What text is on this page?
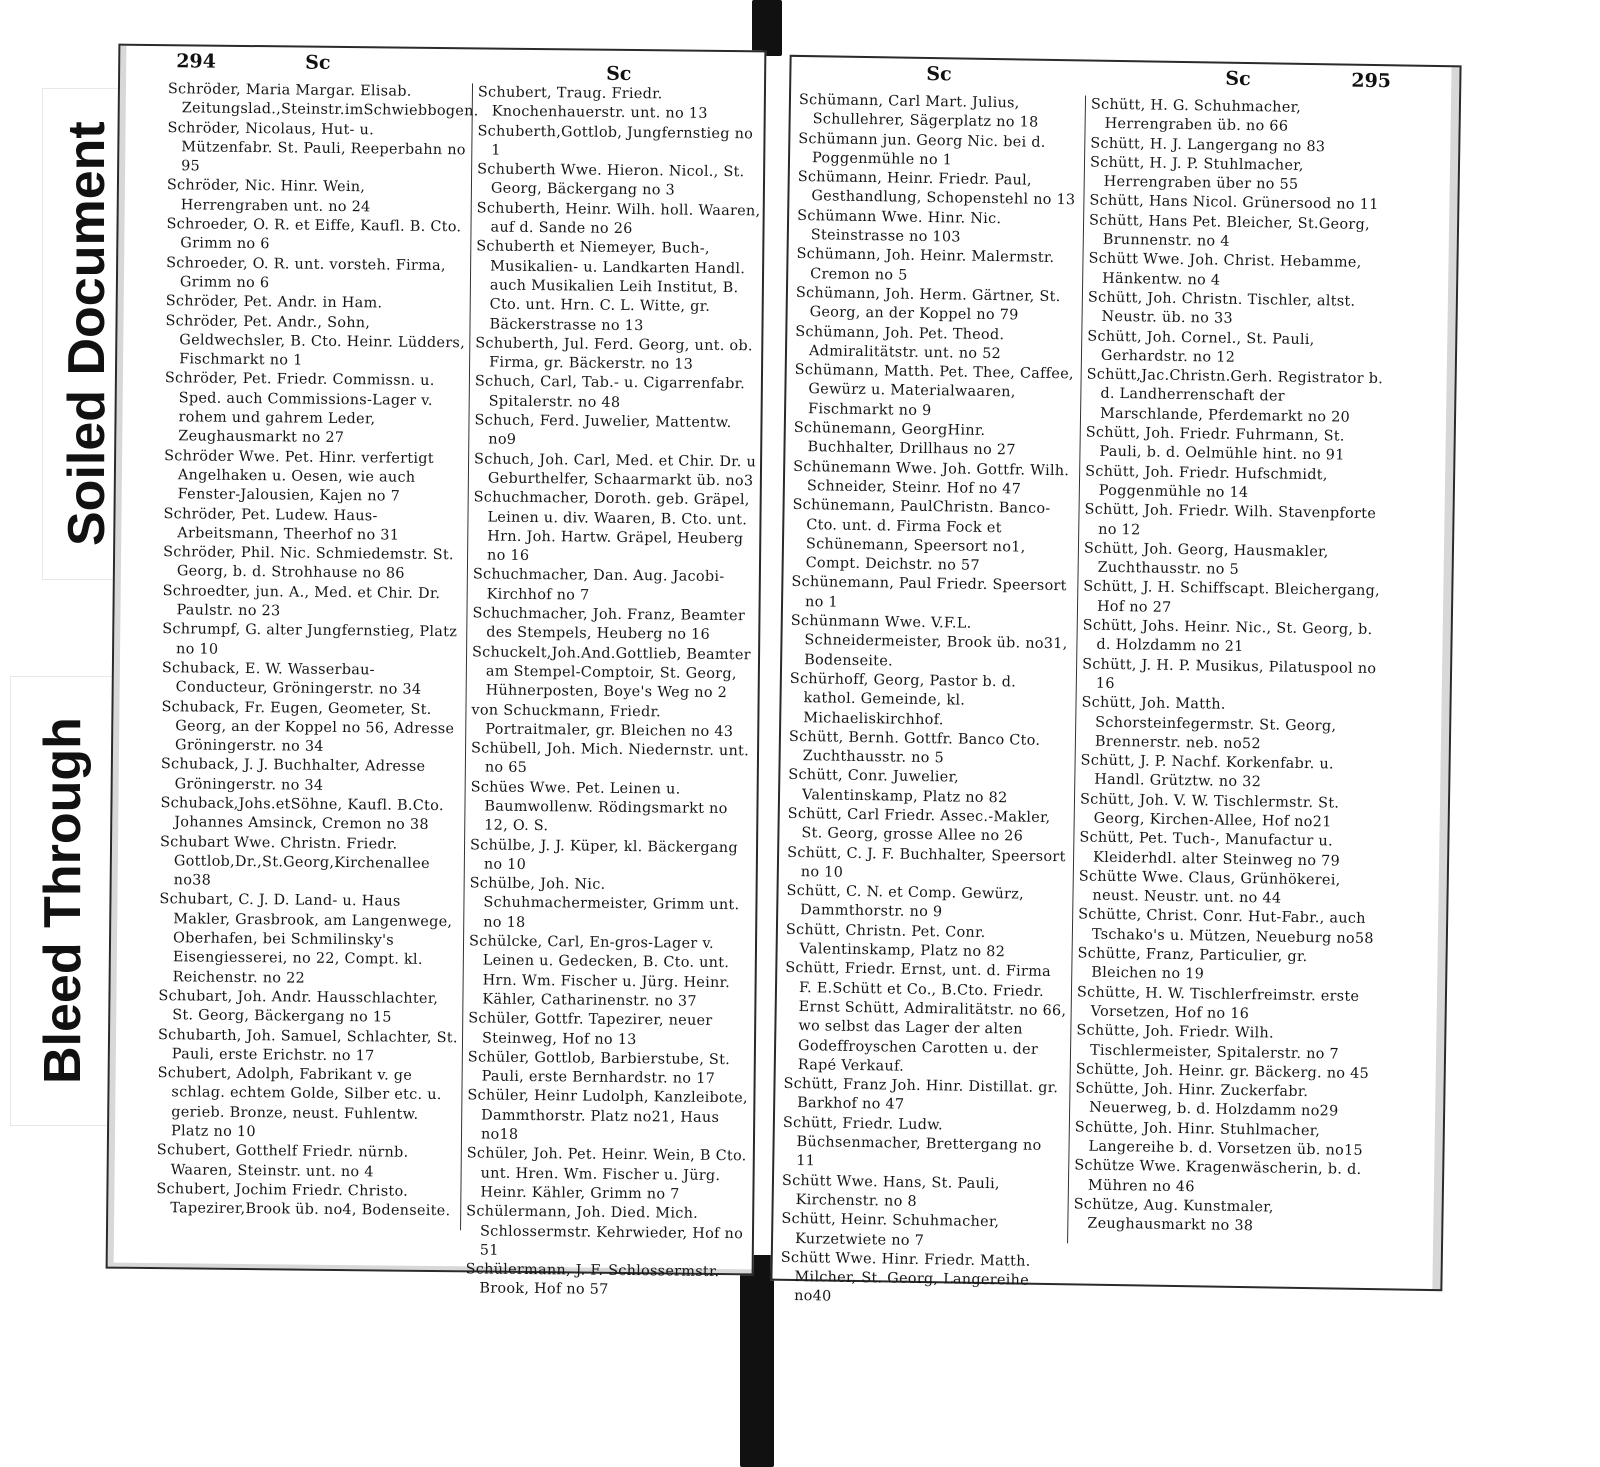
Soiled Document
Bleed Through
294	Sc
Sc
Schröder, Maria Margar. Elisab. Zeitungslad.,Steinstr.imSchwiebbogen.
Schröder, Nicolaus, Hut- u. Mützenfabr. St. Pauli, Reeperbahn no 95
Schröder, Nic. Hinr. Wein, Herrengraben unt. no 24
Schroeder, O. R. et Eiffe, Kaufl. B. Cto. Grimm no 6
Schroeder, O. R. unt. vorsteh. Firma, Grimm no 6
Schröder, Pet. Andr. in Ham.
Schröder, Pet. Andr., Sohn, Geldwechsler, B. Cto. Heinr. Lüdders, Fischmarkt no 1
Schröder, Pet. Friedr. Commissn. u. Sped. auch Commissions-Lager v. rohem und gahrem Leder, Zeughausmarkt no 27
Schröder Wwe. Pet. Hinr. verfertigt Angelhaken u. Oesen, wie auch Fenster-Jalousien, Kajen no 7
Schröder, Pet. Ludew. Haus-Arbeitsmann, Theerhof no 31
Schröder, Phil. Nic. Schmiedemstr. St. Georg, b. d. Strohhause no 86
Schroedter, jun. A., Med. et Chir. Dr. Paulstr. no 23
Schrumpf, G. alter Jungfernstieg, Platz no 10
Schuback, E. W. Wasserbau-Conducteur, Gröningerstr. no 34
Schuback, Fr. Eugen, Geometer, St. Georg, an der Koppel no 56, Adresse Gröningerstr. no 34
Schuback, J. J. Buchhalter, Adresse Gröningerstr. no 34
Schuback,Johs.etSöhne, Kaufl. B.Cto. Johannes Amsinck, Cremon no 38
Schubart Wwe. Christn. Friedr. Gottlob,Dr.,St.Georg,Kirchenallee no38
Schubart, C. J. D. Land- u. Haus Makler, Grasbrook, am Langenwege, Oberhafen, bei Schmilinsky's Eisengiesserei, no 22, Compt. kl. Reichenstr. no 22
Schubart, Joh. Andr. Hausschlachter, St. Georg, Bäckergang no 15
Schubarth, Joh. Samuel, Schlachter, St. Pauli, erste Erichstr. no 17
Schubert, Adolph, Fabrikant v. ge schlag. echtem Golde, Silber etc. u. gerieb. Bronze, neust. Fuhlentw. Platz no 10
Schubert, Gotthelf Friedr. nürnb. Waaren, Steinstr. unt. no 4
Schubert, Jochim Friedr. Christo. Tapezirer,Brook üb. no4, Bodenseite.
Schubert, Traug. Friedr. Knochenhauerstr. unt. no 13
Schuberth,Gottlob, Jungfernstieg no 1
Schuberth Wwe. Hieron. Nicol., St. Georg, Bäckergang no 3
Schuberth, Heinr. Wilh. holl. Waaren, auf d. Sande no 26
Schuberth et Niemeyer, Buch-, Musikalien- u. Landkarten Handl. auch Musikalien Leih Institut, B. Cto. unt. Hrn. C. L. Witte, gr. Bäckerstrasse no 13
Schuberth, Jul. Ferd. Georg, unt. ob. Firma, gr. Bäckerstr. no 13
Schuch, Carl, Tab.- u. Cigarrenfabr. Spitalerstr. no 48
Schuch, Ferd. Juwelier, Mattentw. no9
Schuch, Joh. Carl, Med. et Chir. Dr. u Geburthelfer, Schaarmarkt üb. no3
Schuchmacher, Doroth. geb. Gräpel, Leinen u. div. Waaren, B. Cto. unt. Hrn. Joh. Hartw. Gräpel, Heuberg no 16
Schuchmacher, Dan. Aug. Jacobi-Kirchhof no 7
Schuchmacher, Joh. Franz, Beamter des Stempels, Heuberg no 16
Schuckelt,Joh.And.Gottlieb, Beamter am Stempel-Comptoir, St. Georg, Hühnerposten, Boye's Weg no 2
von Schuckmann, Friedr. Portraitmaler, gr. Bleichen no 43
Schübell, Joh. Mich. Niedernstr. unt. no 65
Schües Wwe. Pet. Leinen u. Baumwollenw. Rödingsmarkt no 12, O. S.
Schülbe, J. J. Küper, kl. Bäckergang no 10
Schülbe, Joh. Nic. Schuhmachermeister, Grimm unt. no 18
Schülcke, Carl, En-gros-Lager v. Leinen u. Gedecken, B. Cto. unt. Hrn. Wm. Fischer u. Jürg. Heinr. Kähler, Catharinenstr. no 37
Schüler, Gottfr. Tapezirer, neuer Steinweg, Hof no 13
Schüler, Gottlob, Barbierstube, St. Pauli, erste Bernhardstr. no 17
Schüler, Heinr Ludolph, Kanzleibote, Dammthorstr. Platz no21, Haus no18
Schüler, Joh. Pet. Heinr. Wein, B Cto. unt. Hren. Wm. Fischer u. Jürg. Heinr. Kähler, Grimm no 7
Schülermann, Joh. Died. Mich. Schlossermstr. Kehrwieder, Hof no 51
Schülermann, J. F. Schlossermstr. Brook, Hof no 57
Sc	Sc	295
Schümann, Carl Mart. Julius, Schullehrer, Sägerplatz no 18
Schümann jun. Georg Nic. bei d. Poggenmühle no 1
Schümann, Heinr. Friedr. Paul, Gesthandlung, Schopenstehl no 13
Schümann Wwe. Hinr. Nic. Steinstrasse no 103
Schümann, Joh. Heinr. Malermstr. Cremon no 5
Schümann, Joh. Herm. Gärtner, St. Georg, an der Koppel no 79
Schümann, Joh. Pet. Theod. Admiralitätstr. unt. no 52
Schümann, Matth. Pet. Thee, Caffee, Gewürz u. Materialwaaren, Fischmarkt no 9
Schünemann, GeorgHinr. Buchhalter, Drillhaus no 27
Schünemann Wwe. Joh. Gottfr. Wilh. Schneider, Steinr. Hof no 47
Schünemann, PaulChristn. Banco-Cto. unt. d. Firma Fock et Schünemann, Speersort no1, Compt. Deichstr. no 57
Schünemann, Paul Friedr. Speersort no 1
Schünmann Wwe. V.F.L. Schneidermeister, Brook üb. no31, Bodenseite.
Schürhoff, Georg, Pastor b. d. kathol. Gemeinde, kl. Michaeliskirchhof.
Schütt, Bernh. Gottfr. Banco Cto. Zuchthausstr. no 5
Schütt, Conr. Juwelier, Valentinskamp, Platz no 82
Schütt, Carl Friedr. Assec.-Makler, St. Georg, grosse Allee no 26
Schütt, C. J. F. Buchhalter, Speersort no 10
Schütt, C. N. et Comp. Gewürz, Dammthorstr. no 9
Schütt, Christn. Pet. Conr. Valentinskamp, Platz no 82
Schütt, Friedr. Ernst, unt. d. Firma F. E.Schütt et Co., B.Cto. Friedr. Ernst Schütt, Admiralitätstr. no 66, wo selbst das Lager der alten Godeffroyschen Carotten u. der Rapé Verkauf.
Schütt, Franz Joh. Hinr. Distillat. gr. Barkhof no 47
Schütt, Friedr. Ludw. Büchsenmacher, Brettergang no 11
Schütt Wwe. Hans, St. Pauli, Kirchenstr. no 8
Schütt, Heinr. Schuhmacher, Kurzetwiete no 7
Schütt Wwe. Hinr. Friedr. Matth. Milcher, St. Georg, Langereihe no40
Schütt, H. G. Schuhmacher, Herrengraben üb. no 66
Schütt, H. J. Langergang no 83
Schütt, H. J. P. Stuhlmacher, Herrengraben über no 55
Schütt, Hans Nicol. Grünersood no 11
Schütt, Hans Pet. Bleicher, St.Georg, Brunnenstr. no 4
Schütt Wwe. Joh. Christ. Hebamme, Hänkentw. no 4
Schütt, Joh. Christn. Tischler, altst. Neustr. üb. no 33
Schütt, Joh. Cornel., St. Pauli, Gerhardstr. no 12
Schütt,Jac.Christn.Gerh. Registrator b. d. Landherrenschaft der Marschlande, Pferdemarkt no 20
Schütt, Joh. Friedr. Fuhrmann, St. Pauli, b. d. Oelmühle hint. no 91
Schütt, Joh. Friedr. Hufschmidt, Poggenmühle no 14
Schütt, Joh. Friedr. Wilh. Stavenpforte no 12
Schütt, Joh. Georg, Hausmakler, Zuchthausstr. no 5
Schütt, J. H. Schiffscapt. Bleichergang, Hof no 27
Schütt, Johs. Heinr. Nic., St. Georg, b. d. Holzdamm no 21
Schütt, J. H. P. Musikus, Pilatuspool no 16
Schütt, Joh. Matth. Schorsteinfegermstr. St. Georg, Brennerstr. neb. no52
Schütt, J. P. Nachf. Korkenfabr. u. Handl. Grütztw. no 32
Schütt, Joh. V. W. Tischlermstr. St. Georg, Kirchen-Allee, Hof no21
Schütt, Pet. Tuch-, Manufactur u. Kleiderhdl. alter Steinweg no 79
Schütte Wwe. Claus, Grünhökerei, neust. Neustr. unt. no 44
Schütte, Christ. Conr. Hut-Fabr., auch Tschako's u. Mützen, Neueburg no58
Schütte, Franz, Particulier, gr. Bleichen no 19
Schütte, H. W. Tischlerfreimstr. erste Vorsetzen, Hof no 16
Schütte, Joh. Friedr. Wilh. Tischlermeister, Spitalerstr. no 7
Schütte, Joh. Heinr. gr. Bäckerg. no 45
Schütte, Joh. Hinr. Zuckerfabr. Neuerweg, b. d. Holzdamm no29
Schütte, Joh. Hinr. Stuhlmacher, Langereihe b. d. Vorsetzen üb. no15
Schütze Wwe. Kragenwäscherin, b. d. Mühren no 46
Schütze, Aug. Kunstmaler, Zeughausmarkt no 38
